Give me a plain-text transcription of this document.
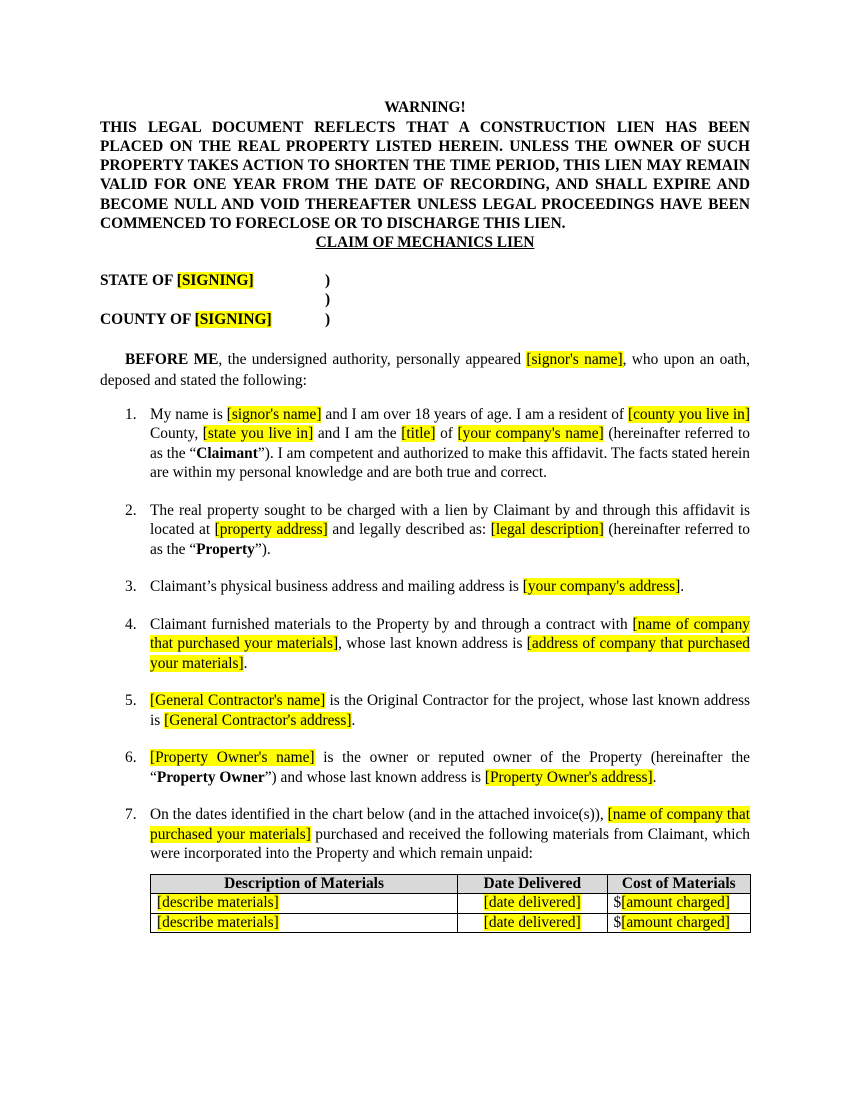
WARNING!
THIS LEGAL DOCUMENT REFLECTS THAT A CONSTRUCTION LIEN HAS BEEN PLACED ON THE REAL PROPERTY LISTED HEREIN. UNLESS THE OWNER OF SUCH PROPERTY TAKES ACTION TO SHORTEN THE TIME PERIOD, THIS LIEN MAY REMAIN VALID FOR ONE YEAR FROM THE DATE OF RECORDING, AND SHALL EXPIRE AND BECOME NULL AND VOID THEREAFTER UNLESS LEGAL PROCEEDINGS HAVE BEEN COMMENCED TO FORECLOSE OR TO DISCHARGE THIS LIEN.
CLAIM OF MECHANICS LIEN
STATE OF [SIGNING]	)
)
COUNTY OF [SIGNING]	)
BEFORE ME, the undersigned authority, personally appeared [signor's name], who upon an oath, deposed and stated the following:
1. My name is [signor's name] and I am over 18 years of age. I am a resident of [county you live in] County, [state you live in] and I am the [title] of [your company's name] (hereinafter referred to as the “Claimant”). I am competent and authorized to make this affidavit. The facts stated herein are within my personal knowledge and are both true and correct.
2. The real property sought to be charged with a lien by Claimant by and through this affidavit is located at [property address] and legally described as: [legal description] (hereinafter referred to as the “Property”).
3. Claimant’s physical business address and mailing address is [your company's address].
4. Claimant furnished materials to the Property by and through a contract with [name of company that purchased your materials], whose last known address is [address of company that purchased your materials].
5. [General Contractor's name] is the Original Contractor for the project, whose last known address is [General Contractor's address].
6. [Property Owner's name] is the owner or reputed owner of the Property (hereinafter the “Property Owner”) and whose last known address is [Property Owner's address].
7. On the dates identified in the chart below (and in the attached invoice(s)), [name of company that purchased your materials] purchased and received the following materials from Claimant, which were incorporated into the Property and which remain unpaid:
Description of Materials	Date Delivered	Cost of Materials
[describe materials]	[date delivered]	$[amount charged]
[describe materials]	[date delivered]	$[amount charged]
